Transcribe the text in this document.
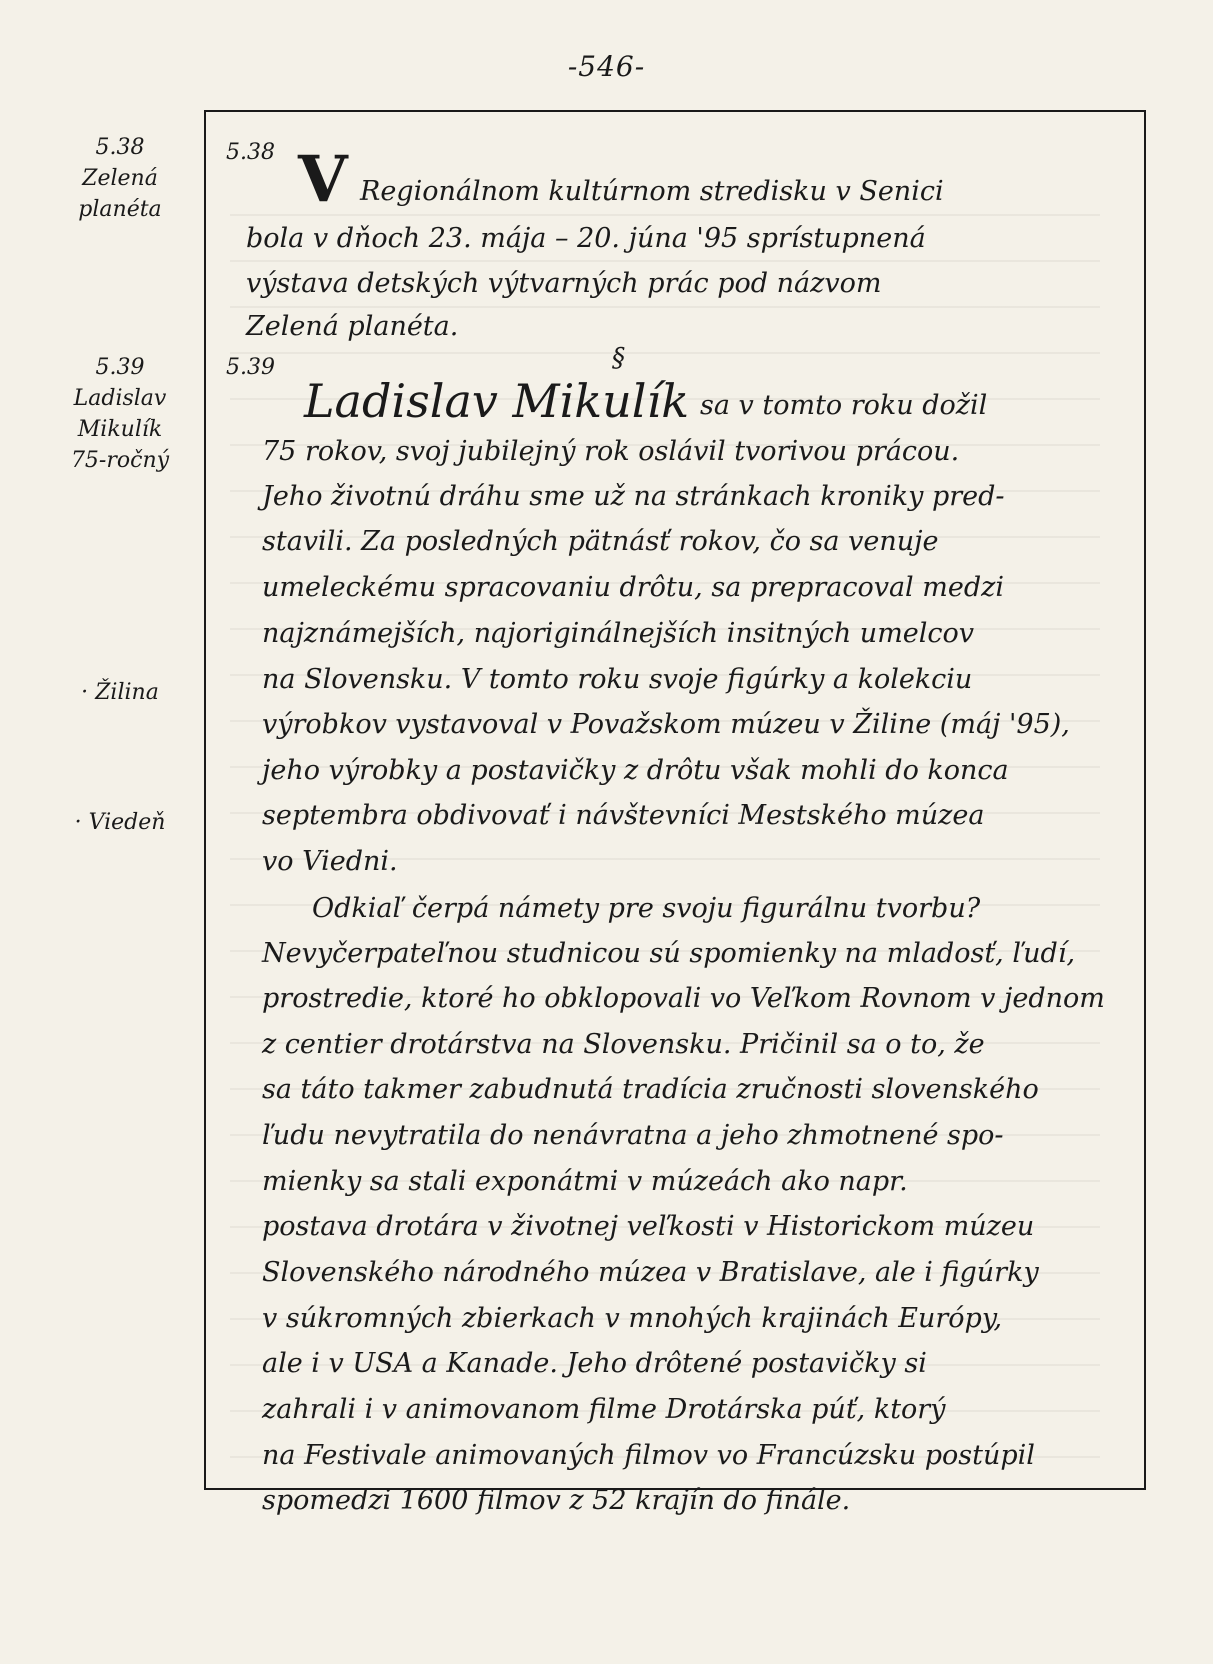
-546-
5.38
Zelená
planéta
5.39
Ladislav
Mikulík
75-ročný
· Žilina
· Viedeň
5.38 V Regionálnom kultúrnom stredisku v Senici
bola v dňoch 23. mája – 20. júna '95 sprístupnená
výstava detských výtvarných prác pod názvom
Zelená planéta.
5.39	§
Ladislav Mikulík sa v tomto roku dožil
75 rokov, svoj jubilejný rok oslávil tvorivou prácou.
Jeho životnú dráhu sme už na stránkach kroniky pred-
stavili. Za posledných pätnásť rokov, čo sa venuje
umeleckému spracovaniu drôtu, sa prepracoval medzi
najznámejších, najoriginálnejších insitných umelcov
na Slovensku. V tomto roku svoje figúrky a kolekciu
výrobkov vystavoval v Považskom múzeu v Žiline (máj '95),
jeho výrobky a postavičky z drôtu však mohli do konca
septembra obdivovať i návštevníci Mestského múzea
vo Viedni.
Odkiaľ čerpá námety pre svoju figurálnu tvorbu?
Nevyčerpateľnou studnicou sú spomienky na mladosť, ľudí,
prostredie, ktoré ho obklopovali vo Veľkom Rovnom v jednom
z centier drotárstva na Slovensku. Pričinil sa o to, že
sa táto takmer zabudnutá tradícia zručnosti slovenského
ľudu nevytratila do nenávratna a jeho zhmotnené spo-
mienky sa stali exponátmi v múzeách ako napr.
postava drotára v životnej veľkosti v Historickom múzeu
Slovenského národného múzea v Bratislave, ale i figúrky
v súkromných zbierkach v mnohých krajinách Európy,
ale i v USA a Kanade. Jeho drôtené postavičky si
zahrali i v animovanom filme Drotárska púť, ktorý
na Festivale animovaných filmov vo Francúzsku postúpil
spomedzi 1600 filmov z 52 krajín do finále.
